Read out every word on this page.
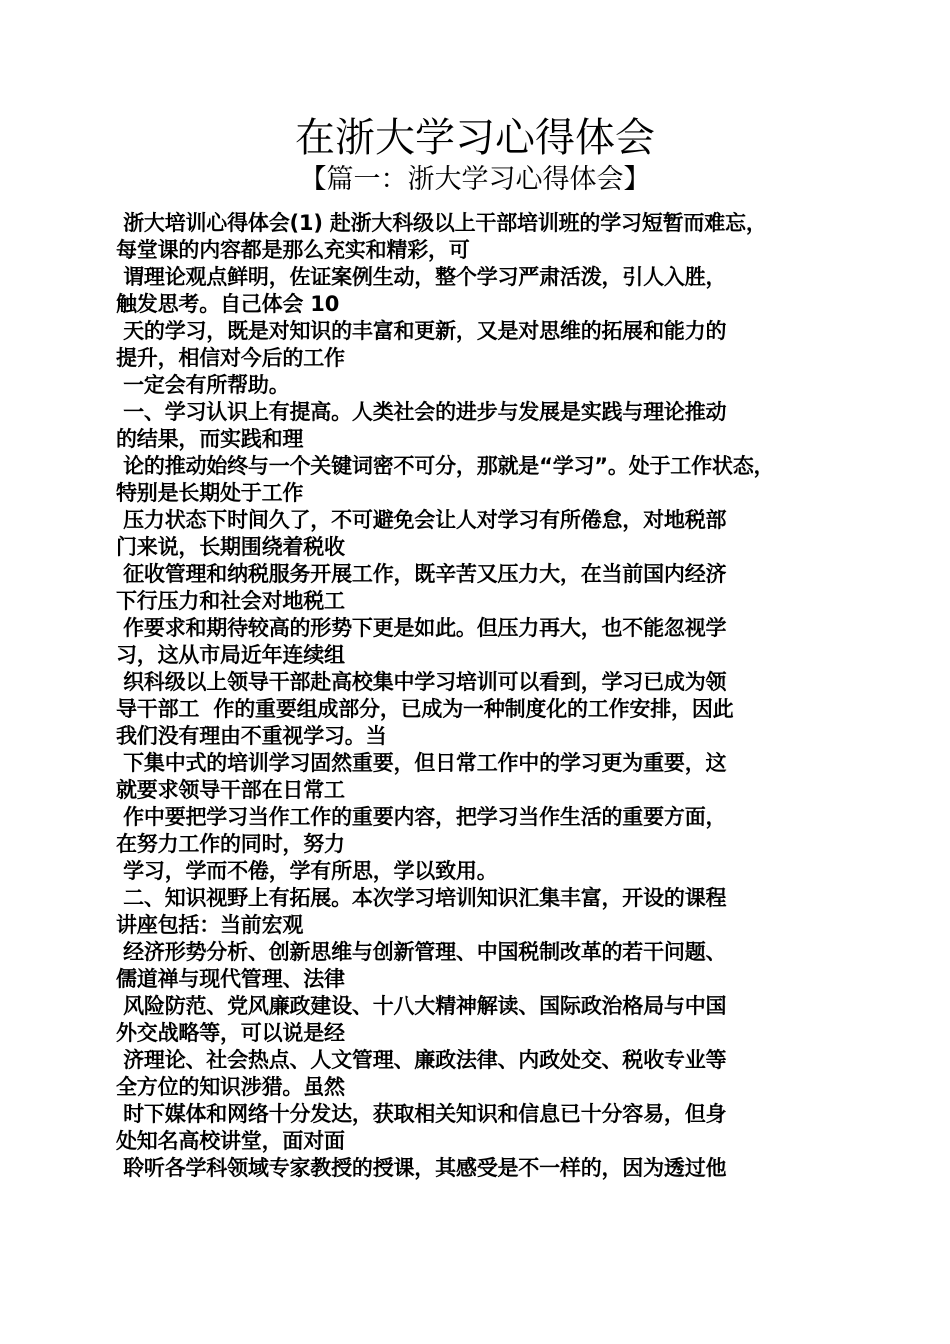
在浙大学习心得体会
【篇一：浙大学习心得体会】
浙大培训心得体会(1) 赴浙大科级以上干部培训班的学习短暂而难忘，
每堂课的内容都是那么充实和精彩，可
谓理论观点鲜明，佐证案例生动，整个学习严肃活泼，引人入胜，
触发思考。自己体会 10
天的学习，既是对知识的丰富和更新，又是对思维的拓展和能力的
提升，相信对今后的工作
一定会有所帮助。
一、学习认识上有提高。人类社会的进步与发展是实践与理论推动
的结果，而实践和理
论的推动始终与一个关键词密不可分，那就是“学习”。处于工作状态，
特别是长期处于工作
压力状态下时间久了，不可避免会让人对学习有所倦怠，对地税部
门来说，长期围绕着税收
征收管理和纳税服务开展工作，既辛苦又压力大，在当前国内经济
下行压力和社会对地税工
作要求和期待较高的形势下更是如此。但压力再大，也不能忽视学
习，这从市局近年连续组
织科级以上领导干部赴高校集中学习培训可以看到，学习已成为领
导干部工  作的重要组成部分，已成为一种制度化的工作安排，因此
我们没有理由不重视学习。当
下集中式的培训学习固然重要，但日常工作中的学习更为重要，这
就要求领导干部在日常工
作中要把学习当作工作的重要内容，把学习当作生活的重要方面，
在努力工作的同时，努力
学习，学而不倦，学有所思，学以致用。
二、知识视野上有拓展。本次学习培训知识汇集丰富，开设的课程
讲座包括：当前宏观
经济形势分析、创新思维与创新管理、中国税制改革的若干问题、
儒道禅与现代管理、法律
风险防范、党风廉政建设、十八大精神解读、国际政治格局与中国
外交战略等，可以说是经
济理论、社会热点、人文管理、廉政法律、内政处交、税收专业等
全方位的知识涉猎。虽然
时下媒体和网络十分发达，获取相关知识和信息已十分容易，但身
处知名高校讲堂，面对面
聆听各学科领域专家教授的授课，其感受是不一样的，因为透过他
